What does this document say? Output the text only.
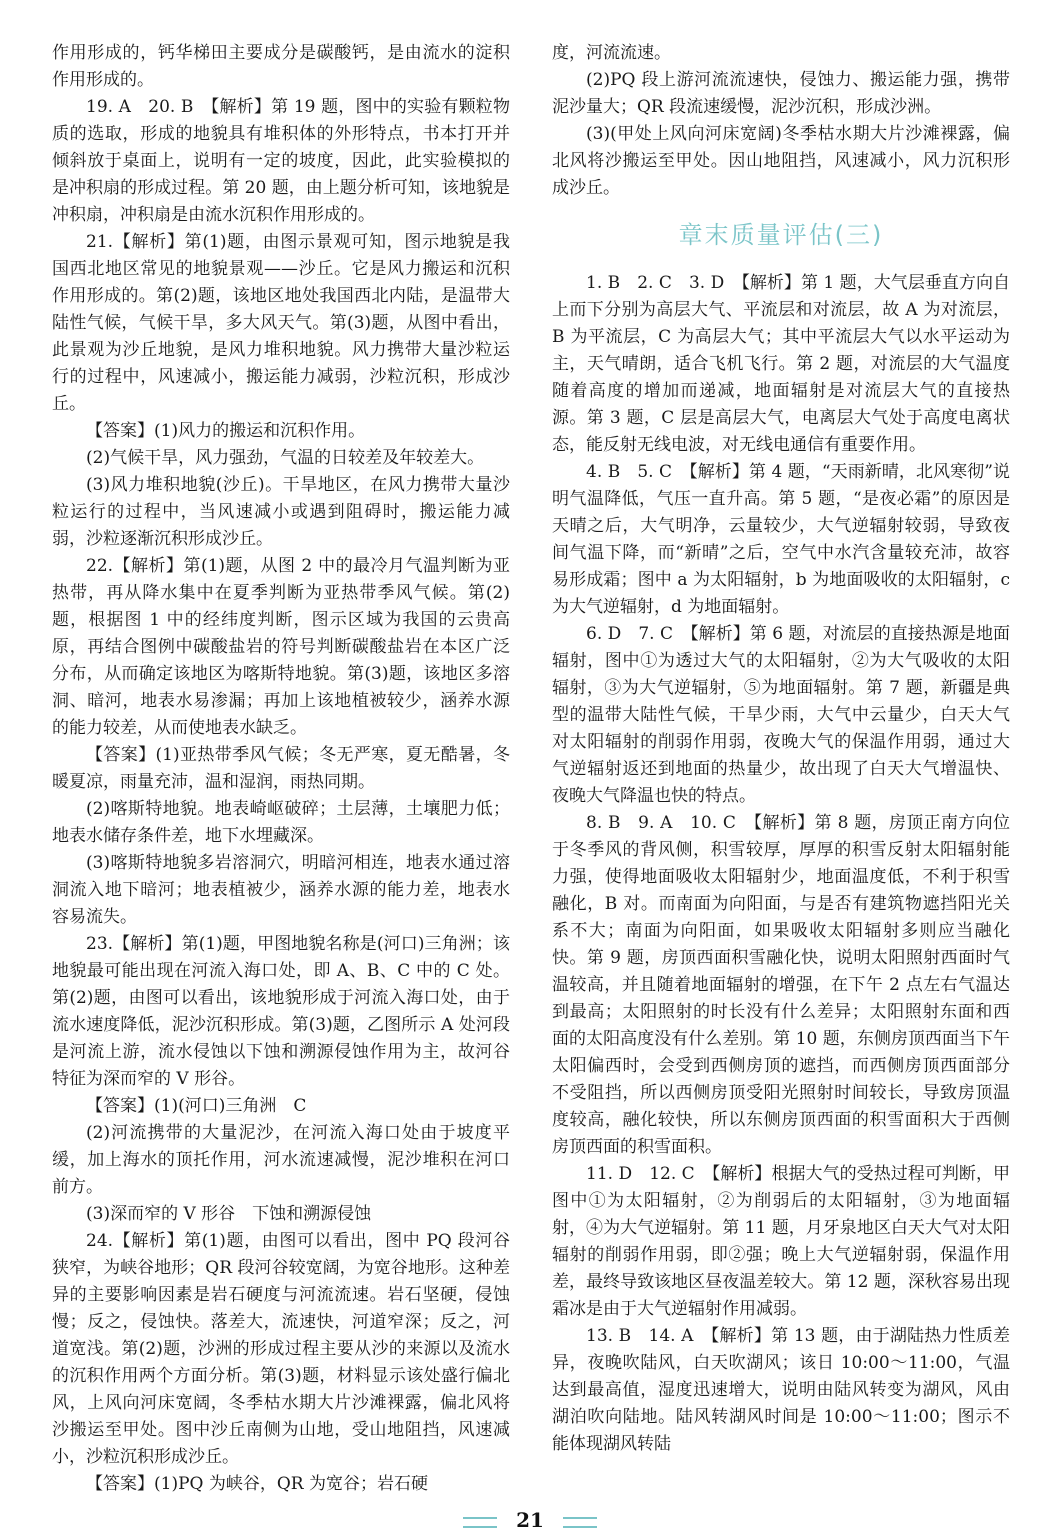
作用形成的，钙华梯田主要成分是碳酸钙，是由流水的淀积作用形成的。

19. A　20. B　【解析】第 19 题，图中的实验有颗粒物质的选取，形成的地貌具有堆积体的外形特点，书本打开并倾斜放于桌面上，说明有一定的坡度，因此，此实验模拟的是冲积扇的形成过程。第 20 题，由上题分析可知，该地貌是冲积扇，冲积扇是由流水沉积作用形成的。

21.【解析】第(1)题，由图示景观可知，图示地貌是我国西北地区常见的地貌景观——沙丘。它是风力搬运和沉积作用形成的。第(2)题，该地区地处我国西北内陆，是温带大陆性气候，气候干旱，多大风天气。第(3)题，从图中看出，此景观为沙丘地貌，是风力堆积地貌。风力携带大量沙粒运行的过程中，风速减小，搬运能力减弱，沙粒沉积，形成沙丘。

【答案】(1)风力的搬运和沉积作用。

(2)气候干旱，风力强劲，气温的日较差及年较差大。

(3)风力堆积地貌(沙丘)。干旱地区，在风力携带大量沙粒运行的过程中，当风速减小或遇到阻碍时，搬运能力减弱，沙粒逐渐沉积形成沙丘。

22.【解析】第(1)题，从图 2 中的最冷月气温判断为亚热带，再从降水集中在夏季判断为亚热带季风气候。第(2)题，根据图 1 中的经纬度判断，图示区域为我国的云贵高原，再结合图例中碳酸盐岩的符号判断碳酸盐岩在本区广泛分布，从而确定该地区为喀斯特地貌。第(3)题，该地区多溶洞、暗河，地表水易渗漏；再加上该地植被较少，涵养水源的能力较差，从而使地表水缺乏。

【答案】(1)亚热带季风气候；冬无严寒，夏无酷暑，冬暖夏凉，雨量充沛，温和湿润，雨热同期。

(2)喀斯特地貌。地表崎岖破碎；土层薄，土壤肥力低；地表水储存条件差，地下水埋藏深。

(3)喀斯特地貌多岩溶洞穴，明暗河相连，地表水通过溶洞流入地下暗河；地表植被少，涵养水源的能力差，地表水容易流失。

23.【解析】第(1)题，甲图地貌名称是(河口)三角洲；该地貌最可能出现在河流入海口处，即 A、B、C 中的 C 处。第(2)题，由图可以看出，该地貌形成于河流入海口处，由于流水速度降低，泥沙沉积形成。第(3)题，乙图所示 A 处河段是河流上游，流水侵蚀以下蚀和溯源侵蚀作用为主，故河谷特征为深而窄的 V 形谷。

【答案】(1)(河口)三角洲　C

(2)河流携带的大量泥沙，在河流入海口处由于坡度平缓，加上海水的顶托作用，河水流速减慢，泥沙堆积在河口前方。

(3)深而窄的 V 形谷　下蚀和溯源侵蚀

24.【解析】第(1)题，由图可以看出，图中 PQ 段河谷狭窄，为峡谷地形；QR 段河谷较宽阔，为宽谷地形。这种差异的主要影响因素是岩石硬度与河流流速。岩石坚硬，侵蚀慢；反之，侵蚀快。落差大，流速快，河道窄深；反之，河道宽浅。第(2)题，沙洲的形成过程主要从沙的来源以及流水的沉积作用两个方面分析。第(3)题，材料显示该处盛行偏北风，上风向河床宽阔，冬季枯水期大片沙滩裸露，偏北风将沙搬运至甲处。图中沙丘南侧为山地，受山地阻挡，风速减小，沙粒沉积形成沙丘。

【答案】(1)PQ 为峡谷，QR 为宽谷；岩石硬

度，河流流速。

(2)PQ 段上游河流流速快，侵蚀力、搬运能力强，携带泥沙量大；QR 段流速缓慢，泥沙沉积，形成沙洲。

(3)(甲处上风向河床宽阔)冬季枯水期大片沙滩裸露，偏北风将沙搬运至甲处。因山地阻挡，风速减小，风力沉积形成沙丘。

章末质量评估(三)

1. B　2. C　3. D　【解析】第 1 题，大气层垂直方向自上而下分别为高层大气、平流层和对流层，故 A 为对流层，B 为平流层，C 为高层大气；其中平流层大气以水平运动为主，天气晴朗，适合飞机飞行。第 2 题，对流层的大气温度随着高度的增加而递减，地面辐射是对流层大气的直接热源。第 3 题，C 层是高层大气，电离层大气处于高度电离状态，能反射无线电波，对无线电通信有重要作用。

4. B　5. C　【解析】第 4 题，“天雨新晴，北风寒彻”说明气温降低，气压一直升高。第 5 题，“是夜必霜”的原因是天晴之后，大气明净，云量较少，大气逆辐射较弱，导致夜间气温下降，而“新晴”之后，空气中水汽含量较充沛，故容易形成霜；图中 a 为太阳辐射，b 为地面吸收的太阳辐射，c 为大气逆辐射，d 为地面辐射。

6. D　7. C　【解析】第 6 题，对流层的直接热源是地面辐射，图中①为透过大气的太阳辐射，②为大气吸收的太阳辐射，③为大气逆辐射，⑤为地面辐射。第 7 题，新疆是典型的温带大陆性气候，干旱少雨，大气中云量少，白天大气对太阳辐射的削弱作用弱，夜晚大气的保温作用弱，通过大气逆辐射返还到地面的热量少，故出现了白天大气增温快、夜晚大气降温也快的特点。

8. B　9. A　10. C　【解析】第 8 题，房顶正南方向位于冬季风的背风侧，积雪较厚，厚厚的积雪反射太阳辐射能力强，使得地面吸收太阳辐射少，地面温度低，不利于积雪融化，B 对。而南面为向阳面，与是否有建筑物遮挡阳光关系不大；南面为向阳面，如果吸收太阳辐射多则应当融化快。第 9 题，房顶西面积雪融化快，说明太阳照射西面时气温较高，并且随着地面辐射的增强，在下午 2 点左右气温达到最高；太阳照射的时长没有什么差异；太阳照射东面和西面的太阳高度没有什么差别。第 10 题，东侧房顶西面当下午太阳偏西时，会受到西侧房顶的遮挡，而西侧房顶西面部分不受阻挡，所以西侧房顶受阳光照射时间较长，导致房顶温度较高，融化较快，所以东侧房顶西面的积雪面积大于西侧房顶西面的积雪面积。

11. D　12. C　【解析】根据大气的受热过程可判断，甲图中①为太阳辐射，②为削弱后的太阳辐射，③为地面辐射，④为大气逆辐射。第 11 题，月牙泉地区白天大气对太阳辐射的削弱作用弱，即②强；晚上大气逆辐射弱，保温作用差，最终导致该地区昼夜温差较大。第 12 题，深秋容易出现霜冰是由于大气逆辐射作用减弱。

13. B　14. A　【解析】第 13 题，由于湖陆热力性质差异，夜晚吹陆风，白天吹湖风；该日 10:00～11:00，气温达到最高值，湿度迅速增大，说明由陆风转变为湖风，风由湖泊吹向陆地。陆风转湖风时间是 10:00～11:00；图示不能体现湖风转陆

21
